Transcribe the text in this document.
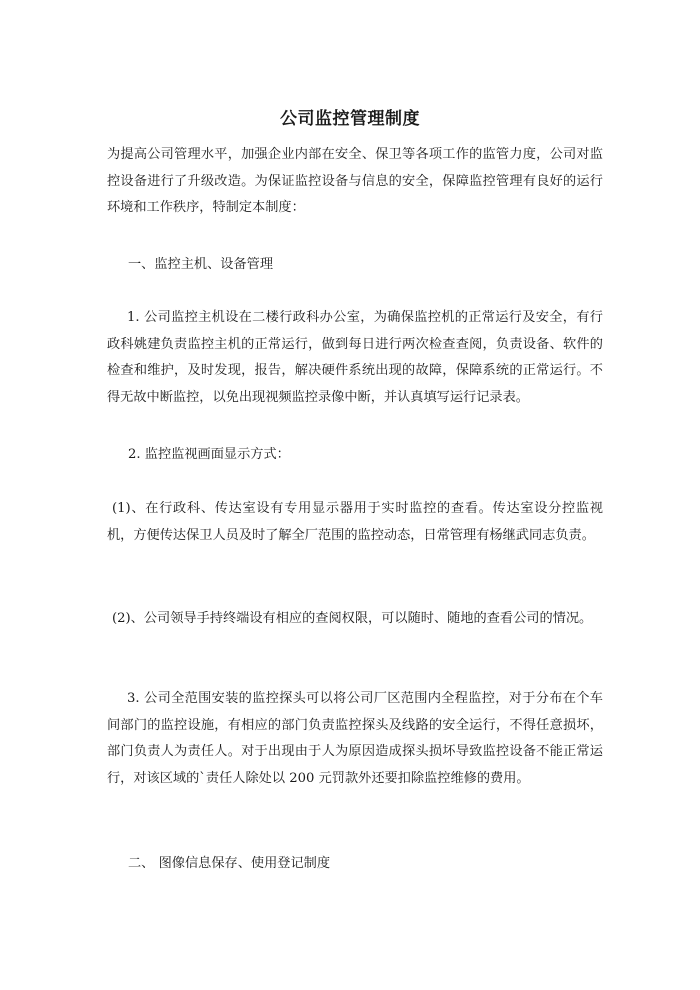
公司监控管理制度
为提高公司管理水平，加强企业内部在安全、保卫等各项工作的监管力度，公司对监控设备进行了升级改造。为保证监控设备与信息的安全，保障监控管理有良好的运行环境和工作秩序，特制定本制度：
一、监控主机、设备管理
1. 公司监控主机设在二楼行政科办公室，为确保监控机的正常运行及安全，有行政科姚建负责监控主机的正常运行，做到每日进行两次检查查阅，负责设备、软件的检查和维护，及时发现，报告，解决硬件系统出现的故障，保障系统的正常运行。不得无故中断监控，以免出现视频监控录像中断，并认真填写运行记录表。
2. 监控监视画面显示方式：
(1)、在行政科、传达室设有专用显示器用于实时监控的查看。传达室设分控监视机，方便传达保卫人员及时了解全厂范围的监控动态，日常管理有杨继武同志负责。
(2)、公司领导手持终端设有相应的查阅权限，可以随时、随地的查看公司的情况。
3. 公司全范围安装的监控探头可以将公司厂区范围内全程监控，对于分布在个车间部门的监控设施，有相应的部门负责监控探头及线路的安全运行，不得任意损坏，部门负责人为责任人。对于出现由于人为原因造成探头损坏导致监控设备不能正常运行，对该区域的`责任人除处以 200 元罚款外还要扣除监控维修的费用。
二、 图像信息保存、使用登记制度
